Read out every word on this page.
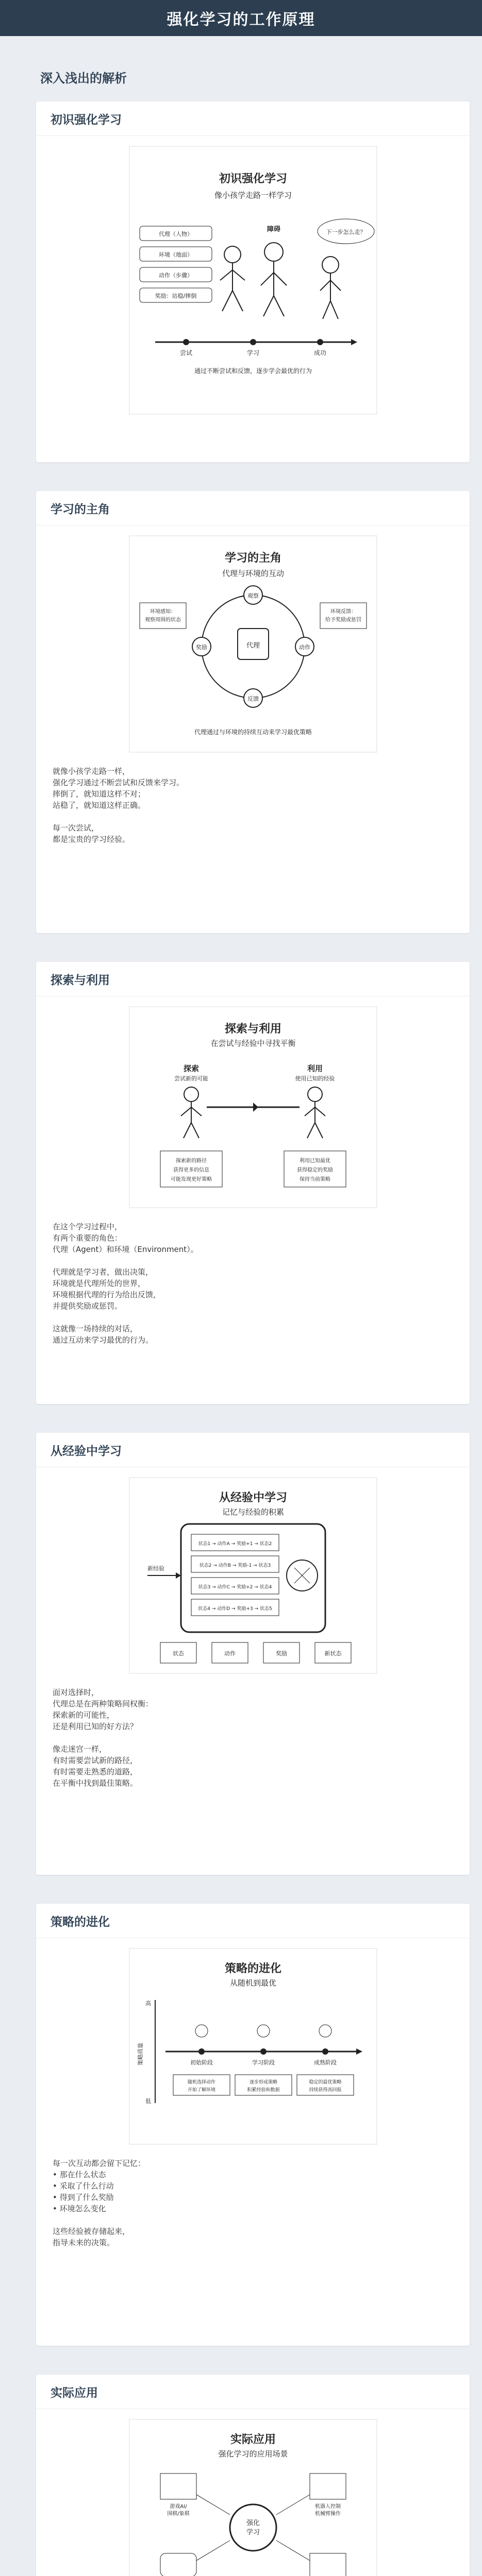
强化学习的工作原理
深入浅出的解析
初识强化学习
初识强化学习
像小孩学走路一样学习
代理（人物）
环境（地面）
动作（步骤）
奖励：站稳/摔倒
障碍	下一步怎么走？
尝试	学习	成功
通过不断尝试和反馈，逐步学会最优的行为
学习的主角
学习的主角
代理与环境的互动
代理
观察
动作
反馈
奖励
环境感知：
观察周围的状态
环境反馈：
给予奖励或惩罚
代理通过与环境的持续互动来学习最优策略

就像小孩学走路一样，
强化学习通过不断尝试和反馈来学习。
摔倒了，就知道这样不对；
站稳了，就知道这样正确。

每一次尝试，
都是宝贵的学习经验。

探索与利用
探索与利用
在尝试与经验中寻找平衡
探索
尝试新的可能
利用
使用已知的经验
探索新的路径
获得更多的信息
可能发现更好策略
利用已知最优
获得稳定的奖励
保持当前策略

在这个学习过程中，
有两个重要的角色：
代理（Agent）和环境（Environment）。

代理就是学习者，做出决策，
环境就是代理所处的世界，
环境根据代理的行为给出反馈，
并提供奖励或惩罚。

这就像一场持续的对话，
通过互动来学习最优的行为。

从经验中学习
从经验中学习
记忆与经验的积累
新经验
状态1 → 动作A → 奖励+1 → 状态2
状态2 → 动作B → 奖励-1 → 状态3
状态3 → 动作C → 奖励+2 → 状态4
状态4 → 动作D → 奖励+3 → 状态5
状态	动作	奖励	新状态

面对选择时，
代理总是在两种策略间权衡：
探索新的可能性，
还是利用已知的好方法？

像走迷宫一样，
有时需要尝试新的路径，
有时需要走熟悉的道路，
在平衡中找到最佳策略。

策略的进化
策略的进化
从随机到最优
高
低
策略质量	初始阶段	学习阶段	成熟阶段
随机选择动作
开始了解环境
逐步形成策略
积累经验和数据
稳定的最优策略
持续获得高回报

每一次互动都会留下记忆：
• 那在什么状态
• 采取了什么行动
• 得到了什么奖励
• 环境怎么变化

这些经验被存储起来，
指导未来的决策。

实际应用
实际应用
强化学习的应用场景
强化
学习
游戏AI/
围棋/象棋
机器人控制
机械臂操作
